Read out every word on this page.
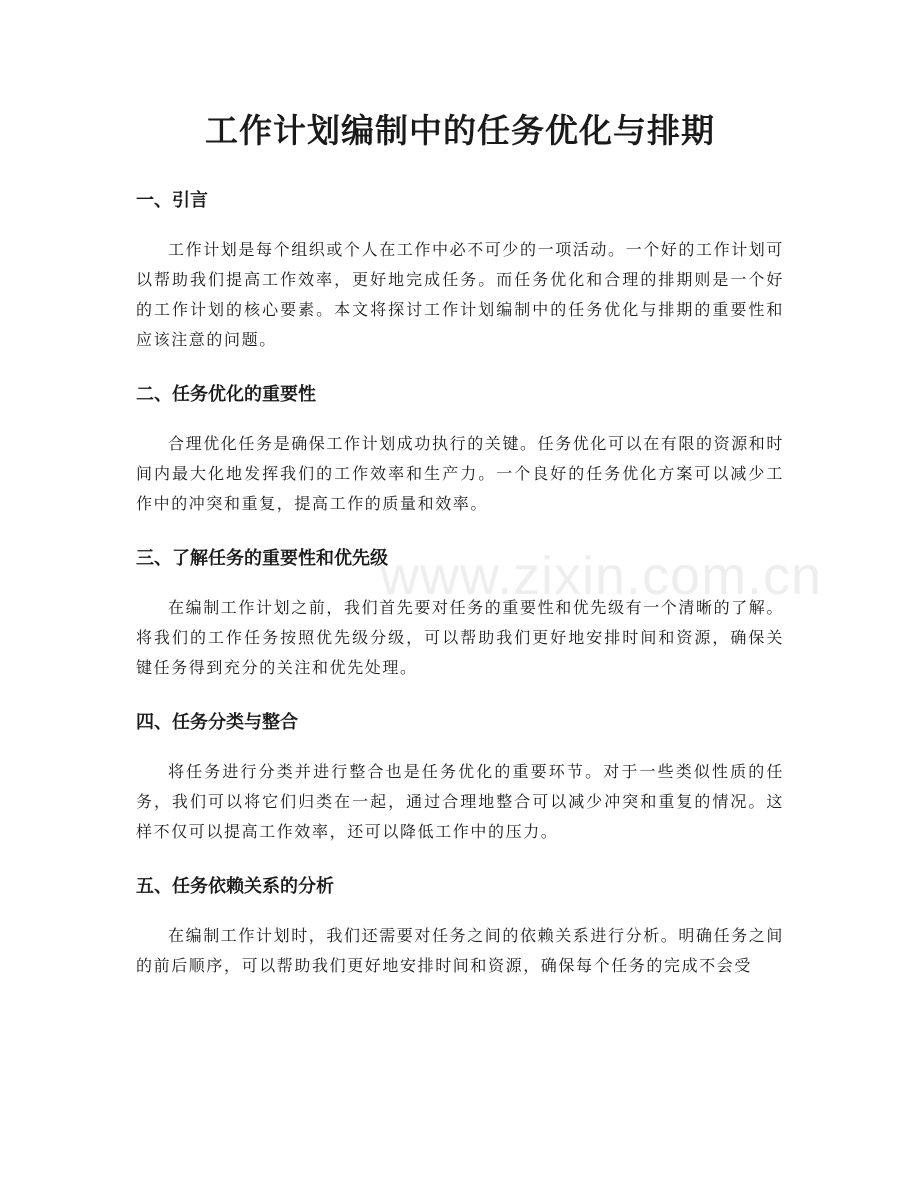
工作计划编制中的任务优化与排期
一、引言

工作计划是每个组织或个人在工作中必不可少的一项活动。一个好的工作计划可以帮助我们提高工作效率，更好地完成任务。而任务优化和合理的排期则是一个好的工作计划的核心要素。本文将探讨工作计划编制中的任务优化与排期的重要性和应该注意的问题。

二、任务优化的重要性

合理优化任务是确保工作计划成功执行的关键。任务优化可以在有限的资源和时间内最大化地发挥我们的工作效率和生产力。一个良好的任务优化方案可以减少工作中的冲突和重复，提高工作的质量和效率。

三、了解任务的重要性和优先级

在编制工作计划之前，我们首先要对任务的重要性和优先级有一个清晰的了解。将我们的工作任务按照优先级分级，可以帮助我们更好地安排时间和资源，确保关键任务得到充分的关注和优先处理。

四、任务分类与整合

将任务进行分类并进行整合也是任务优化的重要环节。对于一些类似性质的任务，我们可以将它们归类在一起，通过合理地整合可以减少冲突和重复的情况。这样不仅可以提高工作效率，还可以降低工作中的压力。

五、任务依赖关系的分析

在编制工作计划时，我们还需要对任务之间的依赖关系进行分析。明确任务之间的前后顺序，可以帮助我们更好地安排时间和资源，确保每个任务的完成不会受

www.zixin.com.cn
